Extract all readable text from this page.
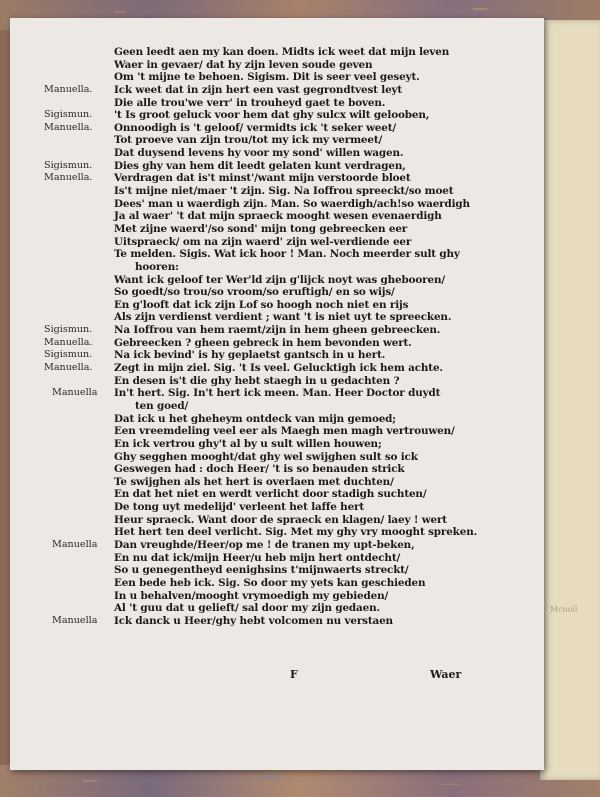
Mcooll
Geen leedt aen my kan doen. Midts ick weet dat mijn leven
Waer in gevaer/ dat hy zijn leven soude geven
Om 't mijne te behoen. Sigism. Dit is seer veel geseyt.
Manuella. Ick weet dat in zijn hert een vast gegrondtvest leyt
Die alle trou'we verr' in trouheyd gaet te boven.
Sigismun. 't Is groot geluck voor hem dat ghy sulcx wilt gelooben,
Manuella. Onnoodigh is 't geloof/ vermidts ick 't seker weet/
Tot proeve van zijn trou/tot my ick my vermeet/
Dat duysend levens hy voor my sond' willen wagen.
Sigismun. Dies ghy van hem dit leedt gelaten kunt verdragen,
Manuella. Verdragen dat is't minst'/want mijn verstoorde bloet
Is't mijne niet/maer 't zijn. Sig. Na Ioffrou spreeckt/so moet
Dees' man u waerdigh zijn. Man. So waerdigh/ach!so waerdigh
Ja al waer' 't dat mijn spraeck mooght wesen evenaerdigh
Met zijne waerd'/so sond' mijn tong gebreecken eer
Uitspraeck/ om na zijn waerd' zijn wel-verdiende eer
Te melden. Sigis. Wat ick hoor ! Man. Noch meerder sult ghy
hooren:
Want ick geloof ter Wer'ld zijn g'lijck noyt was ghebooren/
So goedt/so trou/so vroom/so eruftigh/ en so wijs/
En g'looft dat ick zijn Lof so hoogh noch niet en rijs
Als zijn verdienst verdient ; want 't is niet uyt te spreecken.
Sigismun. Na Ioffrou van hem raemt/zijn in hem gheen gebreecken.
Manuella. Gebreecken ? gheen gebreck in hem bevonden wert.
Sigismun. Na ick bevind' is hy geplaetst gantsch in u hert.
Manuella. Zegt in mijn ziel. Sig. 't Is veel. Gelucktigh ick hem achte.
En desen is't die ghy hebt staegh in u gedachten ?
Manuella In't hert. Sig. In't hert ick meen. Man. Heer Doctor duydt
ten goed/
Dat ick u het gheheym ontdeck van mijn gemoed;
Een vreemdeling veel eer als Maegh men magh vertrouwen/
En ick vertrou ghy't al by u sult willen houwen;
Ghy segghen mooght/dat ghy wel swijghen sult so ick
Geswegen had : doch Heer/ 't is so benauden strick
Te swijghen als het hert is overlaen met duchten/
En dat het niet en werdt verlicht door stadigh suchten/
De tong uyt medelijd' verleent het laffe hert
Heur spraeck. Want door de spraeck en klagen/ laey ! wert
Het hert ten deel verlicht. Sig. Met my ghy vry mooght spreken.
Manuella Dan vreughde/Heer/op me ! de tranen my upt-beken,
En nu dat ick/mijn Heer/u heb mijn hert ontdecht/
So u genegentheyd eenighsins t'mijnwaerts streckt/
Een bede heb ick. Sig. So door my yets kan geschieden
In u behalven/mooght vrymoedigh my gebieden/
Al 't guu dat u gelieft/ sal door my zijn gedaen.
Manuella Ick danck u Heer/ghy hebt volcomen nu verstaen
F	Waer
